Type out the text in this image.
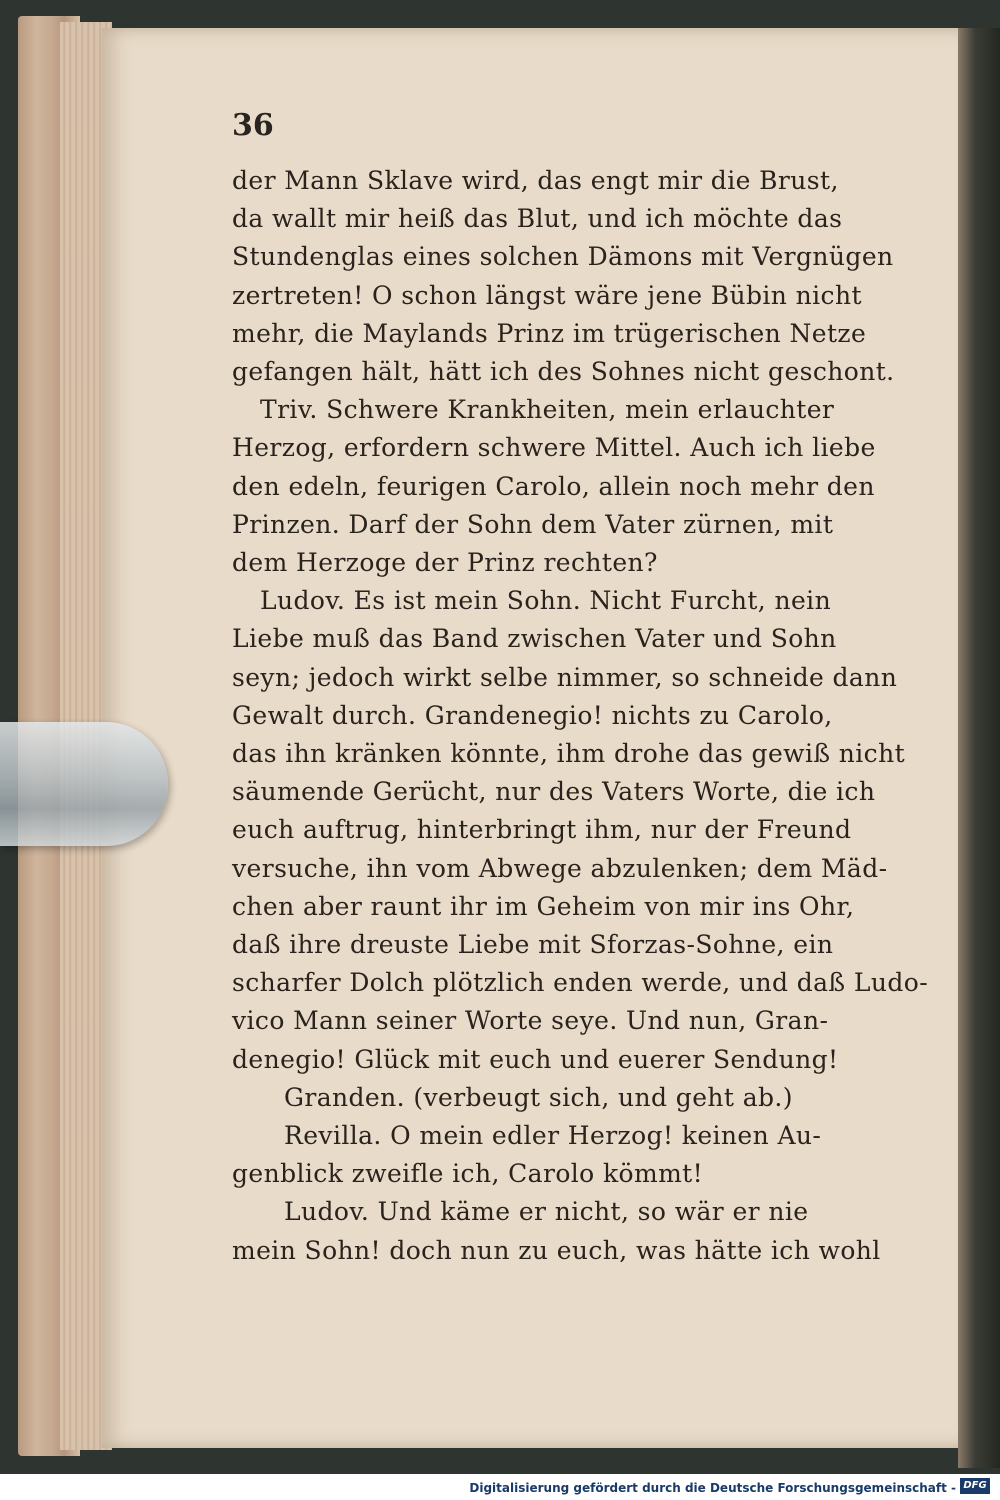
36
der Mann Sklave wird, das engt mir die Brust,
da wallt mir heiß das Blut, und ich möchte das
Stundenglas eines solchen Dämons mit Vergnügen
zertreten! O schon längst wäre jene Bübin nicht
mehr, die Maylands Prinz im trügerischen Netze
gefangen hält, hätt ich des Sohnes nicht geschont.
Triv. Schwere Krankheiten, mein erlauchter
Herzog, erfordern schwere Mittel. Auch ich liebe
den edeln, feurigen Carolo, allein noch mehr den
Prinzen. Darf der Sohn dem Vater zürnen, mit
dem Herzoge der Prinz rechten?
Ludov. Es ist mein Sohn. Nicht Furcht, nein
Liebe muß das Band zwischen Vater und Sohn
seyn; jedoch wirkt selbe nimmer, so schneide dann
Gewalt durch. Grandenegio! nichts zu Carolo,
das ihn kränken könnte, ihm drohe das gewiß nicht
säumende Gerücht, nur des Vaters Worte, die ich
euch auftrug, hinterbringt ihm, nur der Freund
versuche, ihn vom Abwege abzulenken; dem Mäd-
chen aber raunt ihr im Geheim von mir ins Ohr,
daß ihre dreuste Liebe mit Sforzas-Sohne, ein
scharfer Dolch plötzlich enden werde, und daß Ludo-
vico Mann seiner Worte seye. Und nun, Gran-
denegio! Glück mit euch und euerer Sendung!
Granden. (verbeugt sich, und geht ab.)
Revilla. O mein edler Herzog! keinen Au-
genblick zweifle ich, Carolo kömmt!
Ludov. Und käme er nicht, so wär er nie
mein Sohn! doch nun zu euch, was hätte ich wohl
Digitalisierung gefördert durch die Deutsche Forschungsgemeinschaft - DFG
